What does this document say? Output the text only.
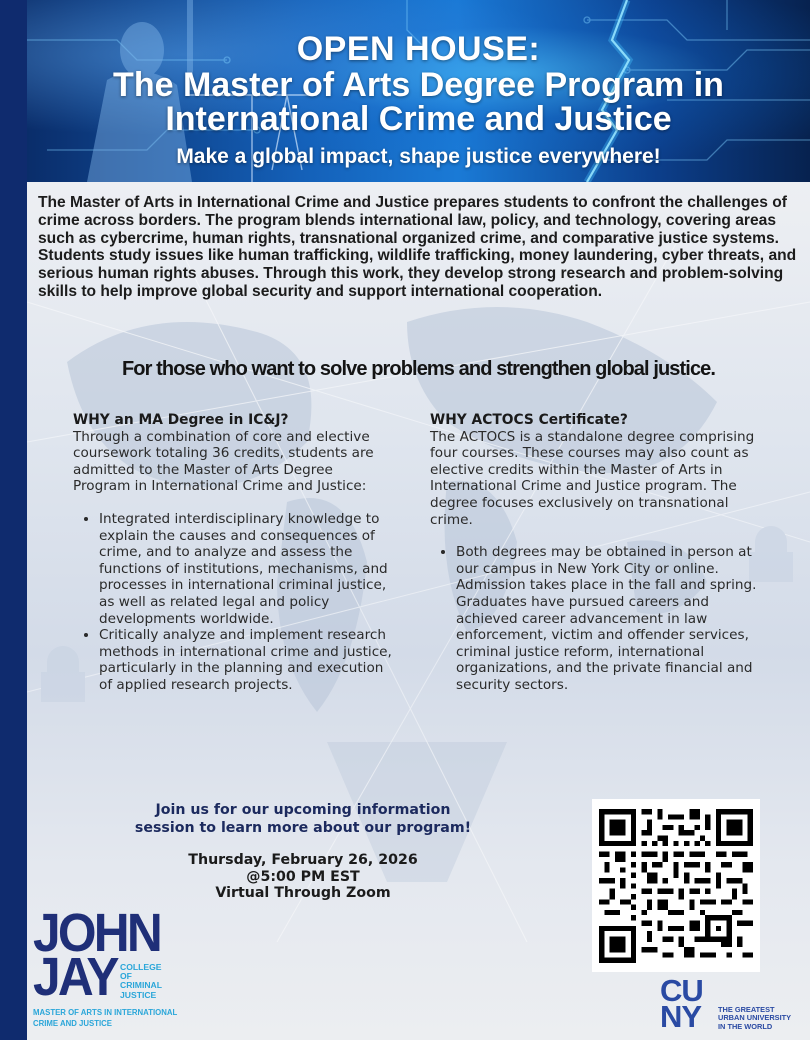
OPEN HOUSE:
The Master of Arts Degree Program in
International Crime and Justice
Make a global impact, shape justice everywhere!
The Master of Arts in International Crime and Justice prepares students to confront the challenges of crime across borders. The program blends international law, policy, and technology, covering areas such as cybercrime, human rights, transnational organized crime, and comparative justice systems. Students study issues like human trafficking, wildlife trafficking, money laundering, cyber threats, and serious human rights abuses. Through this work, they develop strong research and problem-solving skills to help improve global security and support international cooperation.
For those who want to solve problems and strengthen global justice.
WHY an MA Degree in IC&J?

Through a combination of core and elective coursework totaling 36 credits, students are admitted to the Master of Arts Degree Program in International Crime and Justice:

• Integrated interdisciplinary knowledge to explain the causes and consequences of crime, and to analyze and assess the functions of institutions, mechanisms, and processes in international criminal justice, as well as related legal and policy developments worldwide.
• Critically analyze and implement research methods in international crime and justice, particularly in the planning and execution of applied research projects.
WHY ACTOCS Certificate?

The ACTOCS is a standalone degree comprising four courses. These courses may also count as elective credits within the Master of Arts in International Crime and Justice program. The degree focuses exclusively on transnational crime.

• Both degrees may be obtained in person at our campus in New York City or online. Admission takes place in the fall and spring. Graduates have pursued careers and achieved career advancement in law enforcement, victim and offender services, criminal justice reform, international organizations, and the private financial and security sectors.
Join us for our upcoming information
session to learn more about our program!
Thursday, February 26, 2026
@5:00 PM EST
Virtual Through Zoom
JOHN
JAY COLLEGE
OF
CRIMINAL
JUSTICE
MASTER OF ARTS IN INTERNATIONAL
CRIME AND JUSTICE
CU
NY THE GREATEST
URBAN UNIVERSITY
IN THE WORLD
